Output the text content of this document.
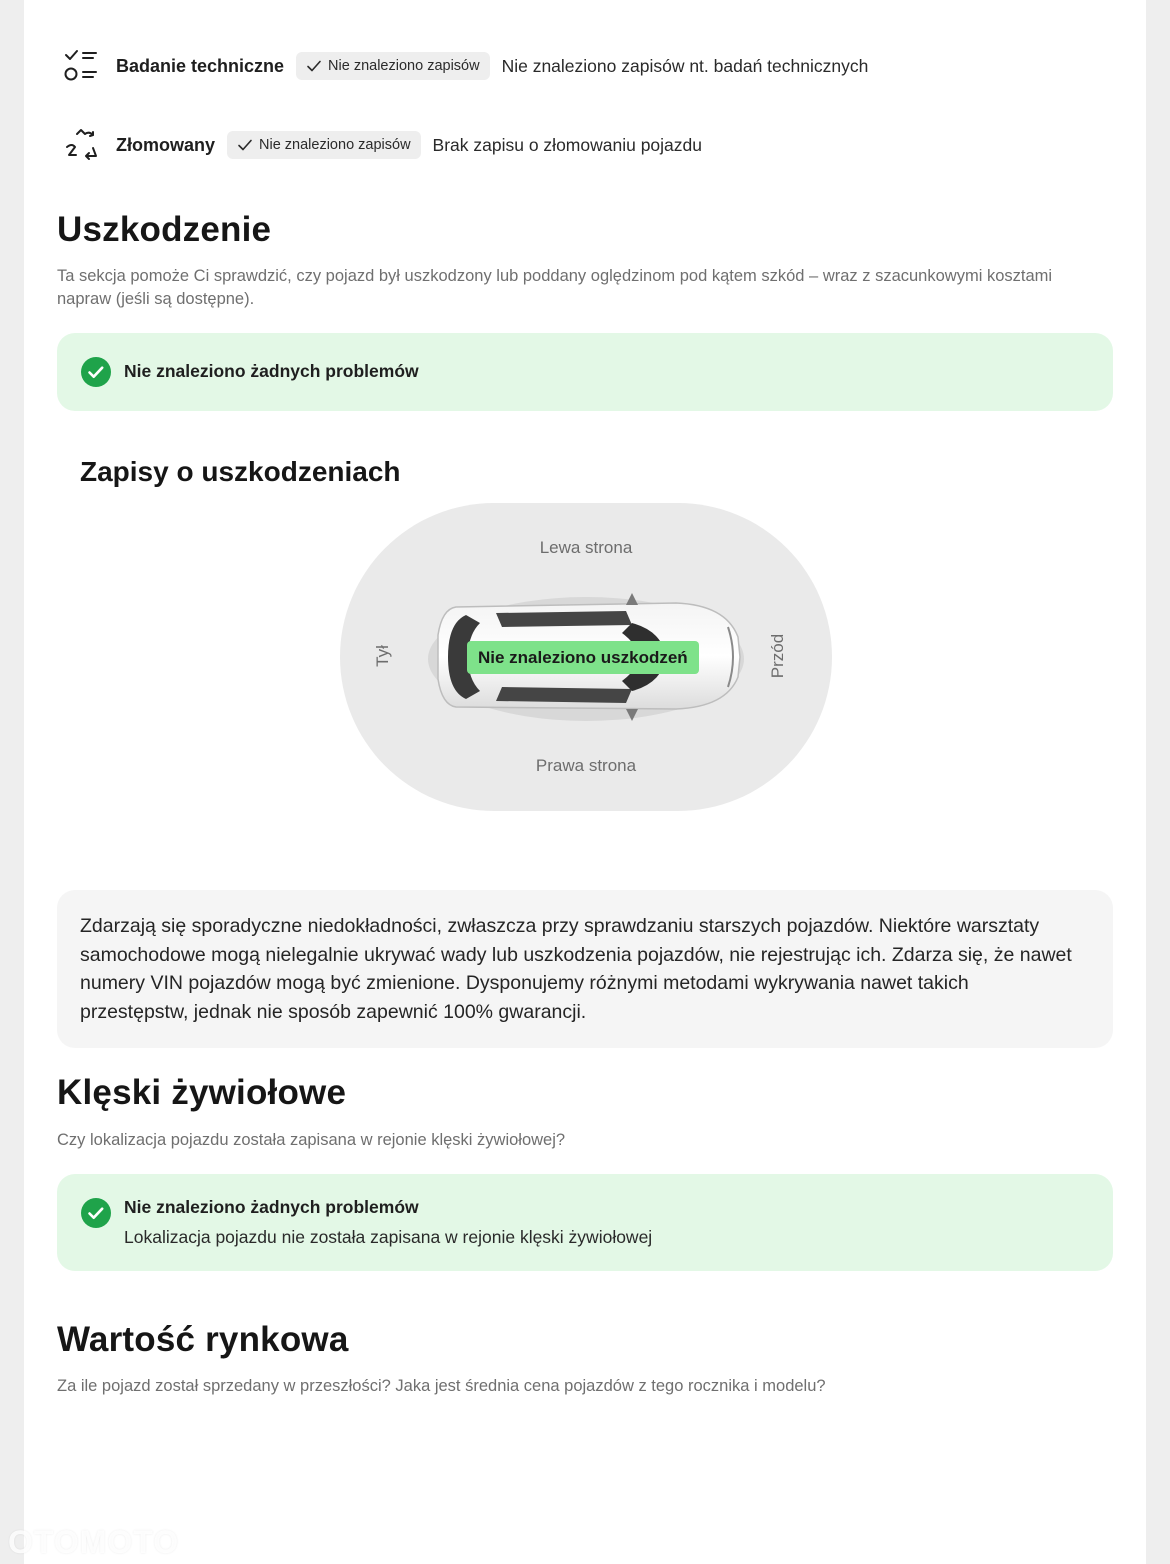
Badanie techniczne	Nie znaleziono zapisów Nie znaleziono zapisów nt. badań technicznych
Złomowany	Nie znaleziono zapisów Brak zapisu o złomowaniu pojazdu
Uszkodzenie

Ta sekcja pomoże Ci sprawdzić, czy pojazd był uszkodzony lub poddany oględzinom pod kątem szkód – wraz z szacunkowymi kosztami napraw (jeśli są dostępne).

Nie znaleziono żadnych problemów
Zapisy o uszkodzeniach
Lewa strona
Tył	Przód
Nie znaleziono uszkodzeń
Prawa strona

Zdarzają się sporadyczne niedokładności, zwłaszcza przy sprawdzaniu starszych pojazdów. Niektóre warsztaty samochodowe mogą nielegalnie ukrywać wady lub uszkodzenia pojazdów, nie rejestrując ich. Zdarza się, że nawet numery VIN pojazdów mogą być zmienione. Dysponujemy różnymi metodami wykrywania nawet takich przestępstw, jednak nie sposób zapewnić 100% gwarancji.

Klęski żywiołowe

Czy lokalizacja pojazdu została zapisana w rejonie klęski żywiołowej?

Nie znaleziono żadnych problemów
Lokalizacja pojazdu nie została zapisana w rejonie klęski żywiołowej
Wartość rynkowa

Za ile pojazd został sprzedany w przeszłości? Jaka jest średnia cena pojazdów z tego rocznika i modelu?

OTOMOTO
